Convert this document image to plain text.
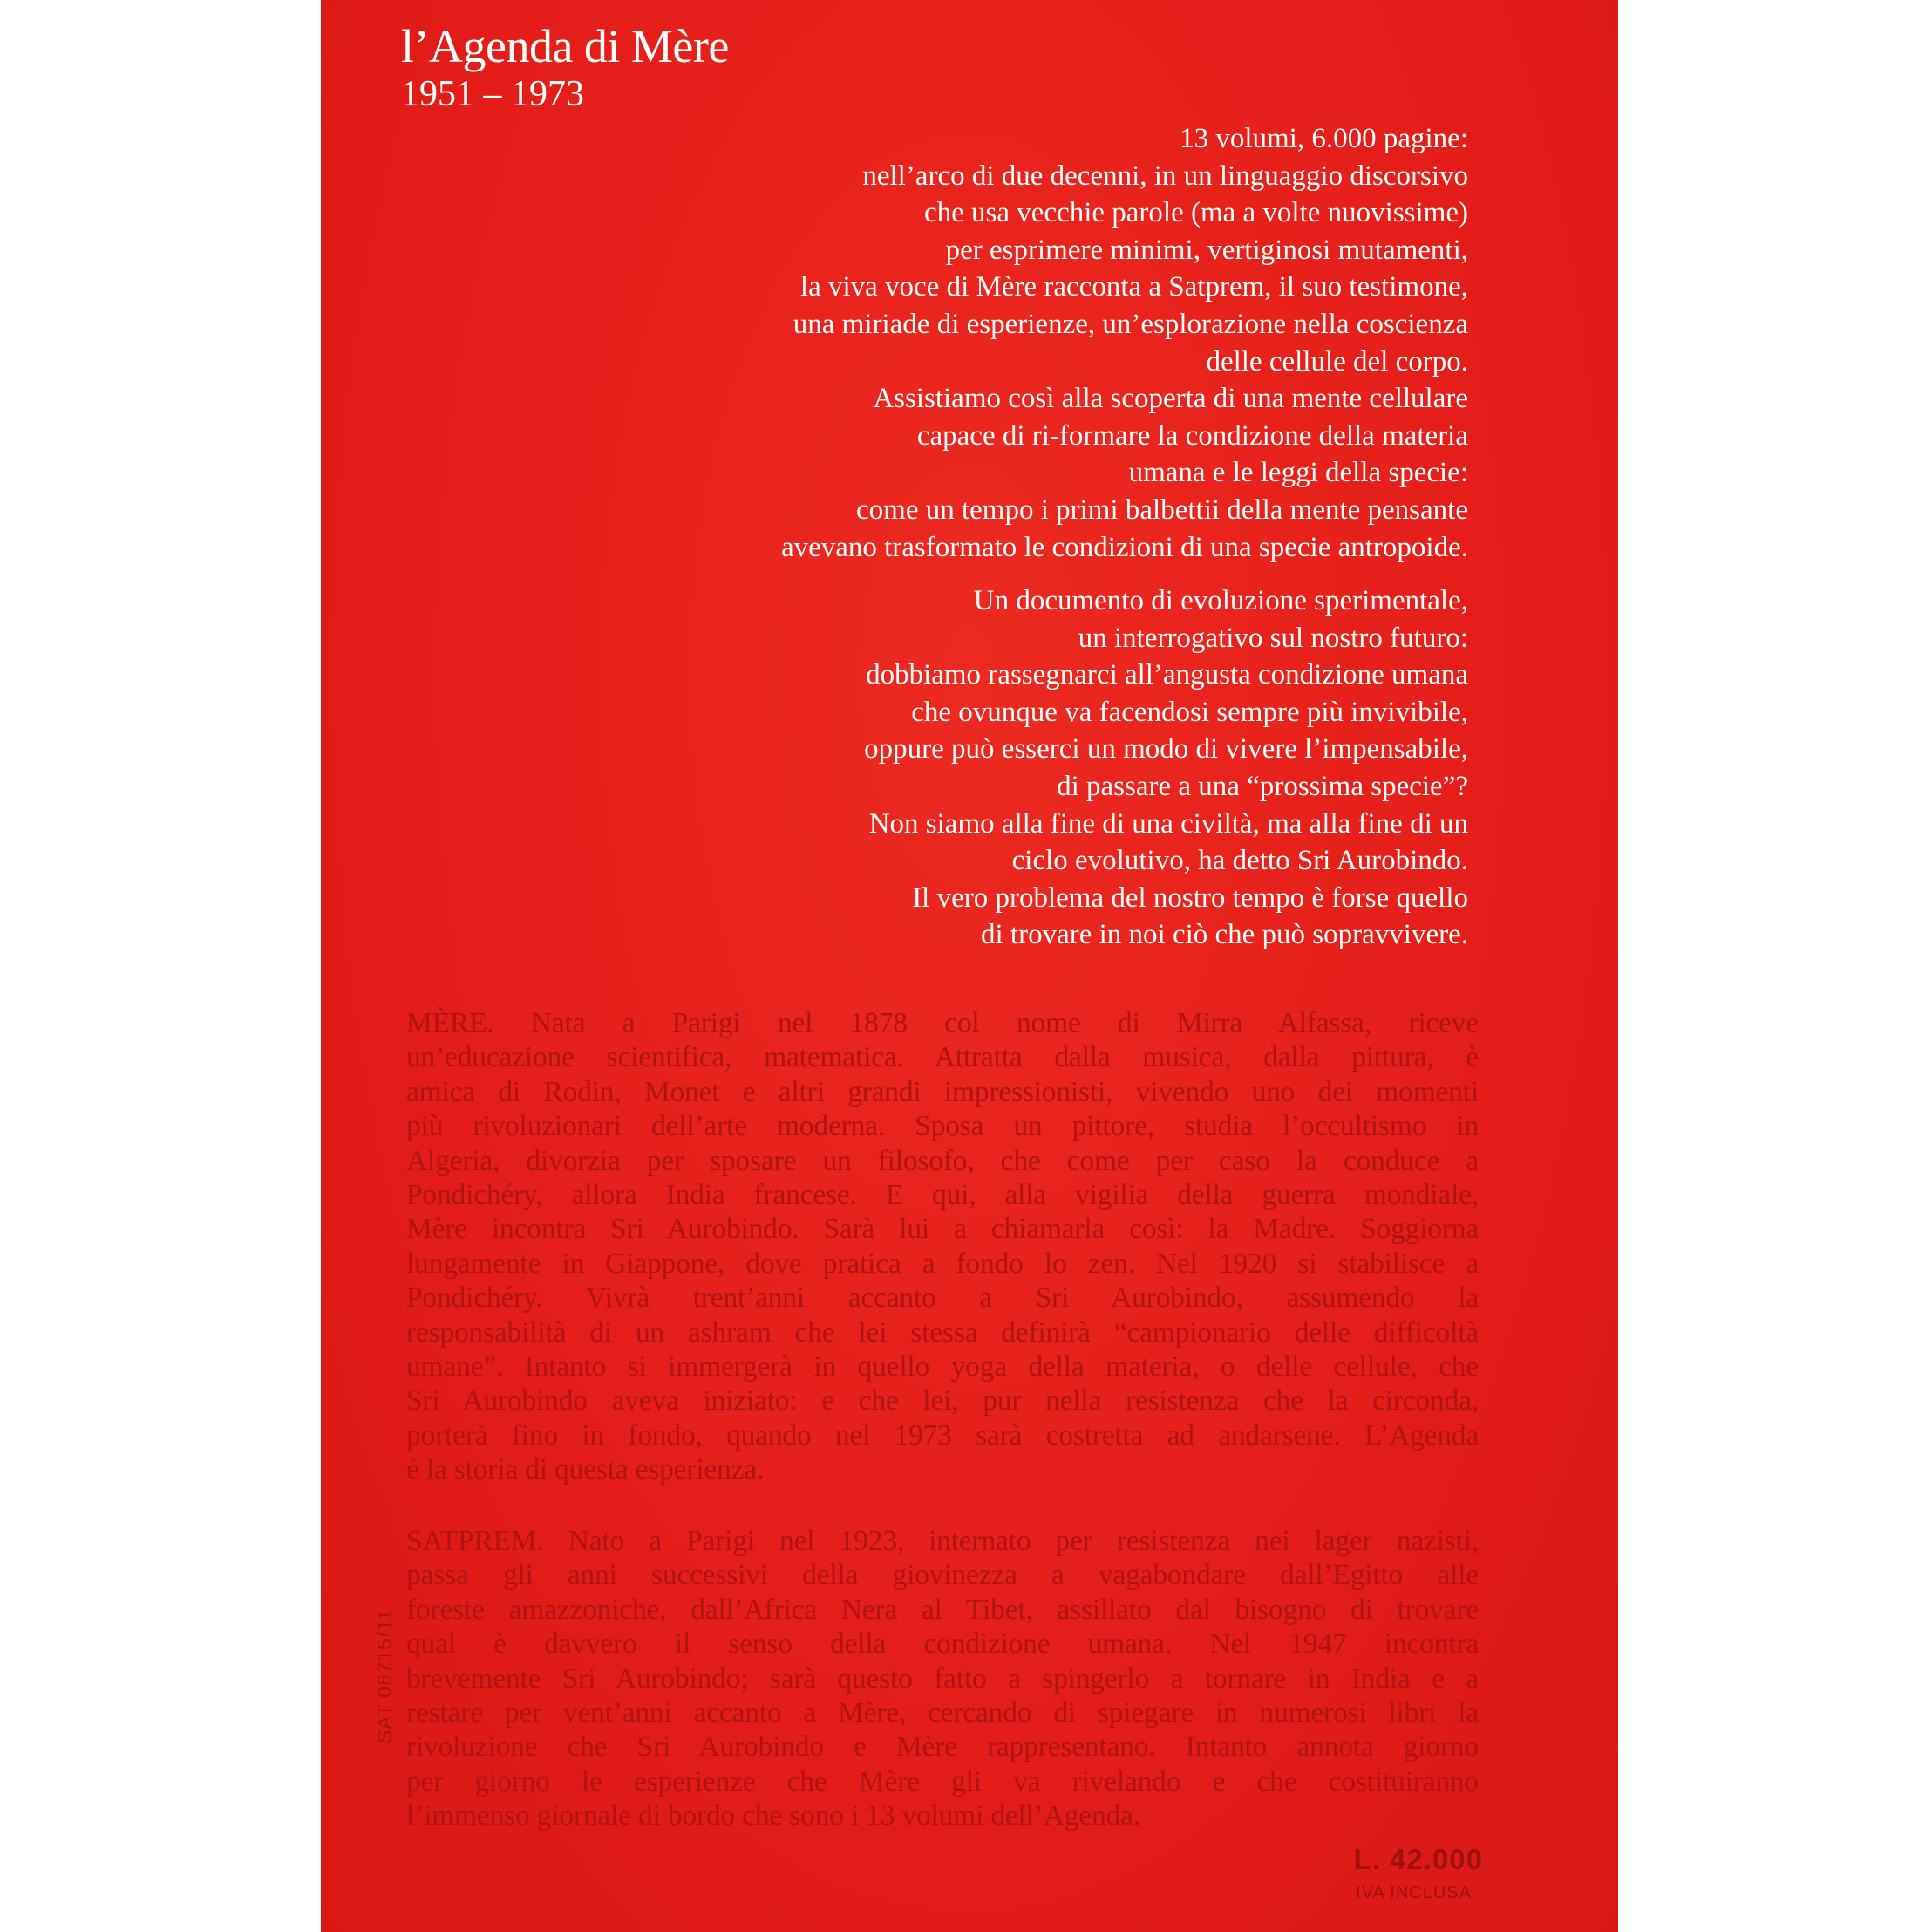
l’Agenda di Mère

1951 – 1973

13 volumi, 6.000 pagine:
nell’arco di due decenni, in un linguaggio discorsivo
che usa vecchie parole (ma a volte nuovissime)
per esprimere minimi, vertiginosi mutamenti,
la viva voce di Mère racconta a Satprem, il suo testimone,
una miriade di esperienze, un’esplorazione nella coscienza
delle cellule del corpo.
Assistiamo così alla scoperta di una mente cellulare
capace di ri-formare la condizione della materia
umana e le leggi della specie:
come un tempo i primi balbettii della mente pensante
avevano trasformato le condizioni di una specie antropoide.

Un documento di evoluzione sperimentale,
un interrogativo sul nostro futuro:
dobbiamo rassegnarci all’angusta condizione umana
che ovunque va facendosi sempre più invivibile,
oppure può esserci un modo di vivere l’impensabile,
di passare a una “prossima specie”?
Non siamo alla fine di una civiltà, ma alla fine di un
ciclo evolutivo, ha detto Sri Aurobindo.
Il vero problema del nostro tempo è forse quello
di trovare in noi ciò che può sopravvivere.

MÈRE. Nata a Parigi nel 1878 col nome di Mirra Alfassa, riceve
un’educazione scientifica, matematica. Attratta dalla musica, dalla pittura, è
amica di Rodin, Monet e altri grandi impressionisti, vivendo uno dei momenti
più rivoluzionari dell’arte moderna. Sposa un pittore, studia l’occultismo in
Algeria, divorzia per sposare un filosofo, che come per caso la conduce a
Pondichéry, allora India francese. E qui, alla vigilia della guerra mondiale,
Mère incontra Sri Aurobindo. Sarà lui a chiamarla così: la Madre. Soggiorna
lungamente in Giappone, dove pratica a fondo lo zen. Nel 1920 si stabilisce a
Pondichéry. Vivrà trent’anni accanto a Sri Aurobindo, assumendo la
responsabilità di un ashram che lei stessa definirà “campionario delle difficoltà
umane”. Intanto si immergerà in quello yoga della materia, o delle cellule, che
Sri Aurobindo aveva iniziato: e che lei, pur nella resistenza che la circonda,
porterà fino in fondo, quando nel 1973 sarà costretta ad andarsene. L’Agenda
è la storia di questa esperienza.

SATPREM. Nato a Parigi nel 1923, internato per resistenza nei lager nazisti,
passa gli anni successivi della giovinezza a vagabondare dall’Egitto alle
foreste amazzoniche, dall’Africa Nera al Tibet, assillato dal bisogno di trovare
qual è davvero il senso della condizione umana. Nel 1947 incontra
brevemente Sri Aurobindo; sarà questo fatto a spingerlo a tornare in India e a
restare per vent’anni accanto a Mère, cercando di spiegare in numerosi libri la
rivoluzione che Sri Aurobindo e Mère rappresentano. Intanto annota giorno
per giorno le esperienze che Mère gli va rivelando e che costituiranno
l’immenso giornale di bordo che sono i 13 volumi dell’Agenda.

SAT 08715/11

L. 42.000

IVA INCLUSA
